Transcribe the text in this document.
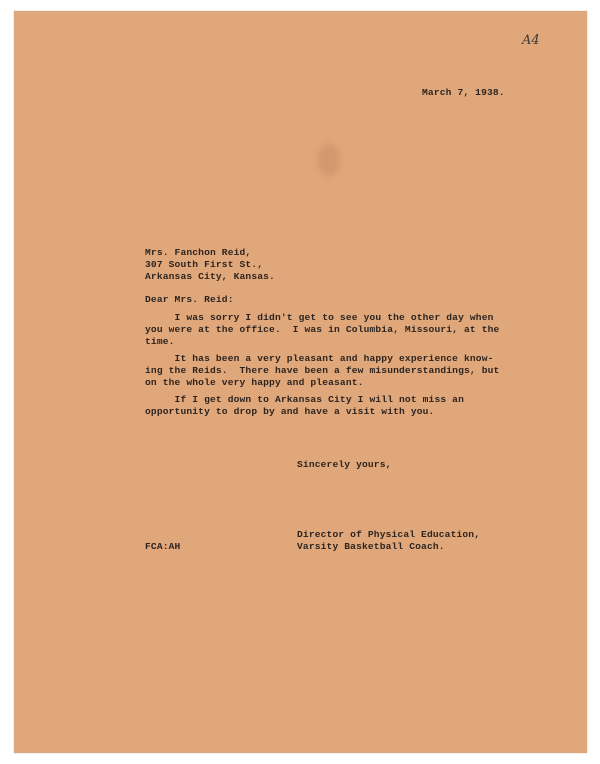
A4
March 7, 1938.
Mrs. Fanchon Reid,
307 South First St.,
Arkansas City, Kansas.
Dear Mrs. Reid:
I was sorry I didn't get to see you the other day when
you were at the office.  I was in Columbia, Missouri, at the
time.
It has been a very pleasant and happy experience know-
ing the Reids.  There have been a few misunderstandings, but
on the whole very happy and pleasant.
If I get down to Arkansas City I will not miss an
opportunity to drop by and have a visit with you.
Sincerely yours,
Director of Physical Education,
Varsity Basketball Coach.
FCA:AH
